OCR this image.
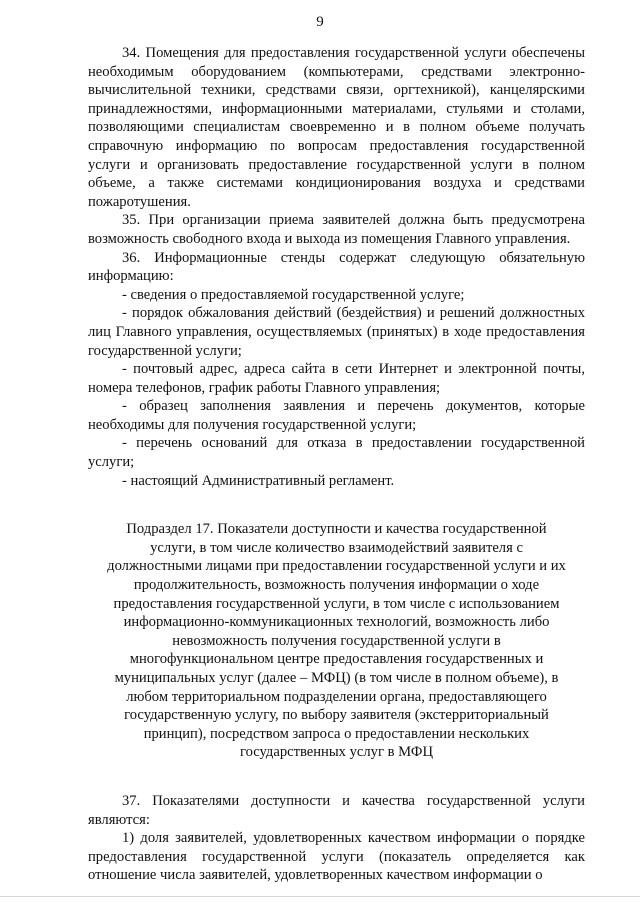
9

34. Помещения для предоставления государственной услуги обеспечены необходимым оборудованием (компьютерами, средствами электронно-вычислительной техники, средствами связи, оргтехникой), канцелярскими принадлежностями, информационными материалами, стульями и столами, позволяющими специалистам своевременно и в полном объеме получать справочную информацию по вопросам предоставления государственной услуги и организовать предоставление государственной услуги в полном объеме, а также системами кондиционирования воздуха и средствами пожаротушения.

35. При организации приема заявителей должна быть предусмотрена возможность свободного входа и выхода из помещения Главного управления.

36. Информационные стенды содержат следующую обязательную информацию:

- сведения о предоставляемой государственной услуге;

- порядок обжалования действий (бездействия) и решений должностных лиц Главного управления, осуществляемых (принятых) в ходе предоставления государственной услуги;

- почтовый адрес, адреса сайта в сети Интернет и электронной почты, номера телефонов, график работы Главного управления;

- образец заполнения заявления и перечень документов, которые необходимы для получения государственной услуги;

- перечень оснований для отказа в предоставлении государственной услуги;

- настоящий Административный регламент.

Подраздел 17. Показатели доступности и качества государственной услуги, в том числе количество взаимодействий заявителя с должностными лицами при предоставлении государственной услуги и их продолжительность, возможность получения информации о ходе предоставления государственной услуги, в том числе с использованием информационно-коммуникационных технологий, возможность либо невозможность получения государственной услуги в многофункциональном центре предоставления государственных и муниципальных услуг (далее – МФЦ) (в том числе в полном объеме), в любом территориальном подразделении органа, предоставляющего государственную услугу, по выбору заявителя (экстерриториальный принцип), посредством запроса о предоставлении нескольких государственных услуг в МФЦ

37. Показателями доступности и качества государственной услуги являются:

1) доля заявителей, удовлетворенных качеством информации о порядке предоставления государственной услуги (показатель определяется как отношение числа заявителей, удовлетворенных качеством информации о
